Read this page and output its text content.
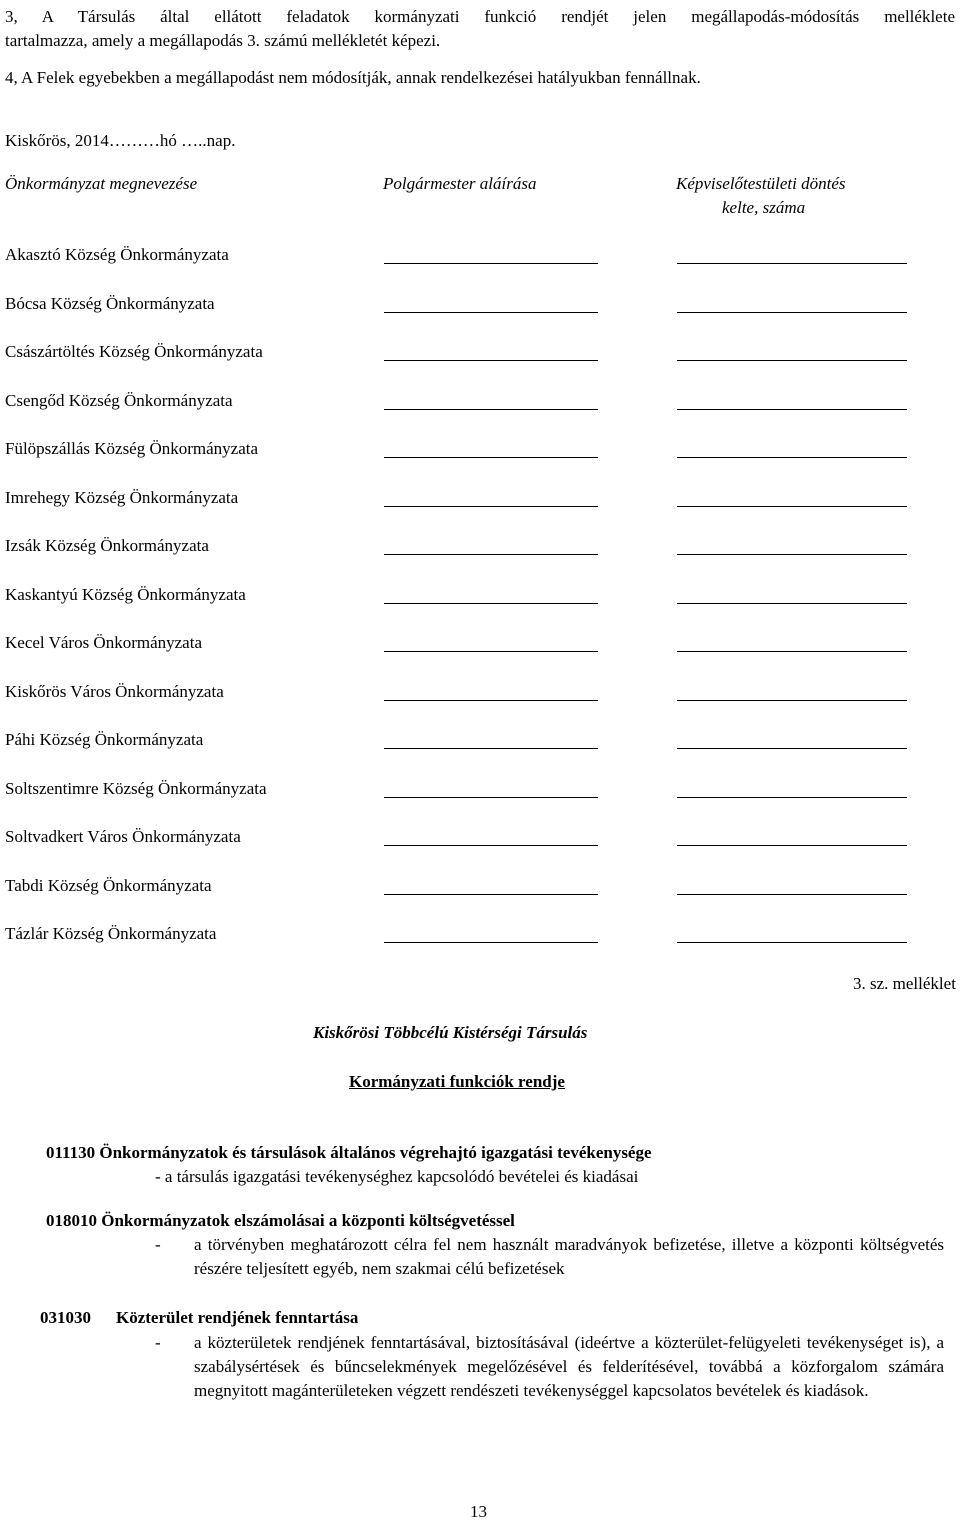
3, A Társulás által ellátott feladatok kormányzati funkció rendjét jelen megállapodás-módosítás melléklete
tartalmazza, amely a megállapodás 3. számú mellékletét képezi.
4, A Felek egyebekben a megállapodást nem módosítják, annak rendelkezései hatályukban fennállnak.
Kiskőrös, 2014………hó …..nap.
Önkormányzat megnevezése	Polgármester aláírása	Képviselőtestületi döntés
kelte, száma
Akasztó Község Önkormányzata
Bócsa Község Önkormányzata
Császártöltés Község Önkormányzata
Csengőd Község Önkormányzata
Fülöpszállás Község Önkormányzata
Imrehegy Község Önkormányzata
Izsák Község Önkormányzata
Kaskantyú Község Önkormányzata
Kecel Város Önkormányzata
Kiskőrös Város Önkormányzata
Páhi Község Önkormányzata
Soltszentimre Község Önkormányzata
Soltvadkert Város Önkormányzata
Tabdi Község Önkormányzata
Tázlár Község Önkormányzata
3. sz. melléklet
Kiskőrösi Többcélú Kistérségi Társulás
Kormányzati funkciók rendje
011130 Önkormányzatok és társulások általános végrehajtó igazgatási tevékenysége
- a társulás igazgatási tevékenységhez kapcsolódó bevételei és kiadásai
018010 Önkormányzatok elszámolásai a központi költségvetéssel
- a törvényben meghatározott célra fel nem használt maradványok befizetése, illetve a központi költségvetés részére teljesített egyéb, nem szakmai célú befizetések
031030 Közterület rendjének fenntartása
- a közterületek rendjének fenntartásával, biztosításával (ideértve a közterület-felügyeleti tevékenységet is), a szabálysértések és bűncselekmények megelőzésével és felderítésével, továbbá a közforgalom számára megnyitott magánterületeken végzett rendészeti tevékenységgel kapcsolatos bevételek és kiadások.
13
